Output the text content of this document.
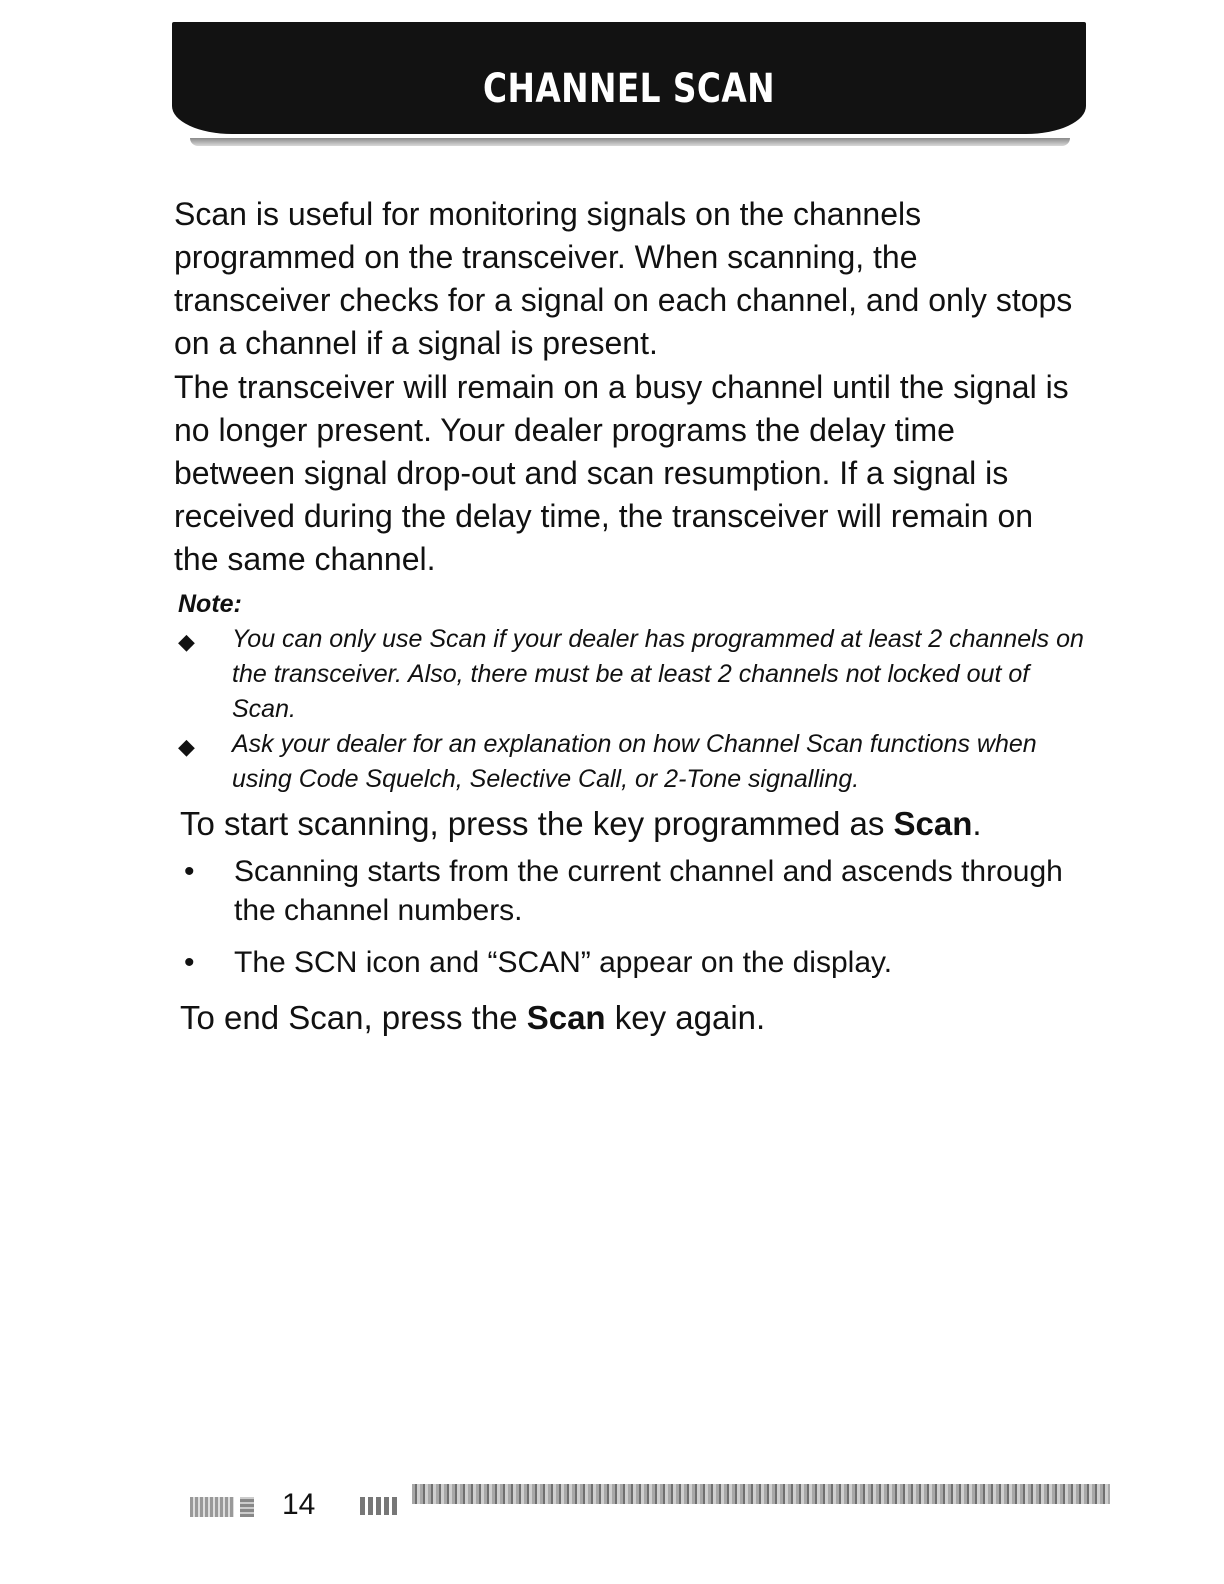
CHANNEL SCAN

Scan is useful for monitoring signals on the channels programmed on the transceiver. When scanning, the transceiver checks for a signal on each channel, and only stops on a channel if a signal is present.

The transceiver will remain on a busy channel until the signal is no longer present. Your dealer programs the delay time between signal drop-out and scan resumption. If a signal is received during the delay time, the transceiver will remain on the same channel.

Note:
◆ You can only use Scan if your dealer has programmed at least 2 channels on the transceiver. Also, there must be at least 2 channels not locked out of Scan.
◆ Ask your dealer for an explanation on how Channel Scan functions when using Code Squelch, Selective Call, or 2-Tone signalling.
To start scanning, press the key programmed as Scan.
• Scanning starts from the current channel and ascends through the channel numbers.
• The SCN icon and “SCAN” appear on the display.
To end Scan, press the Scan key again.
14
